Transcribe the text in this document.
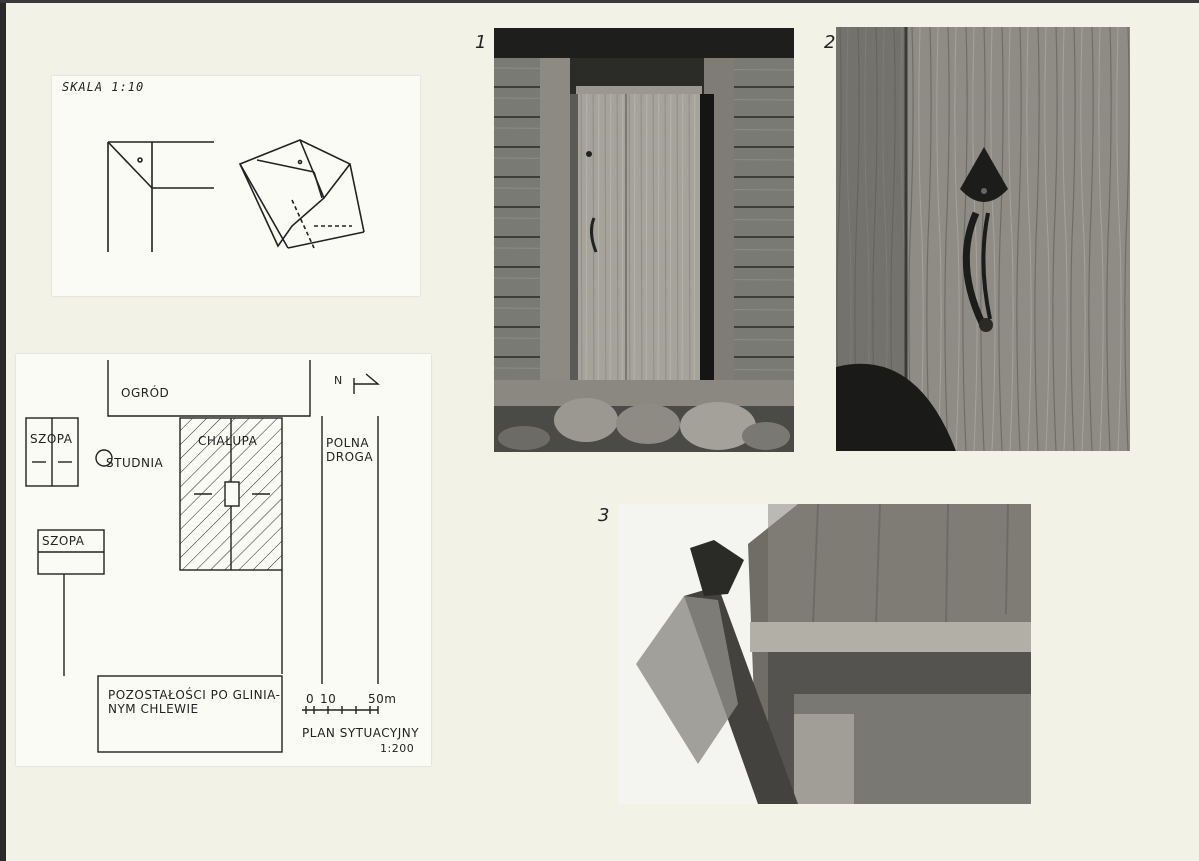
SKALA 1:10
OGRÓD
SZOPA
STUDNIA
CHAŁUPA	POLNA
DROGA
SZOPA
POZOSTAŁOŚCI PO GLINIA-
NYM CHLEWIE
N
0 10	50m
PLAN SYTUACYJNY
1:200
1	2
3
